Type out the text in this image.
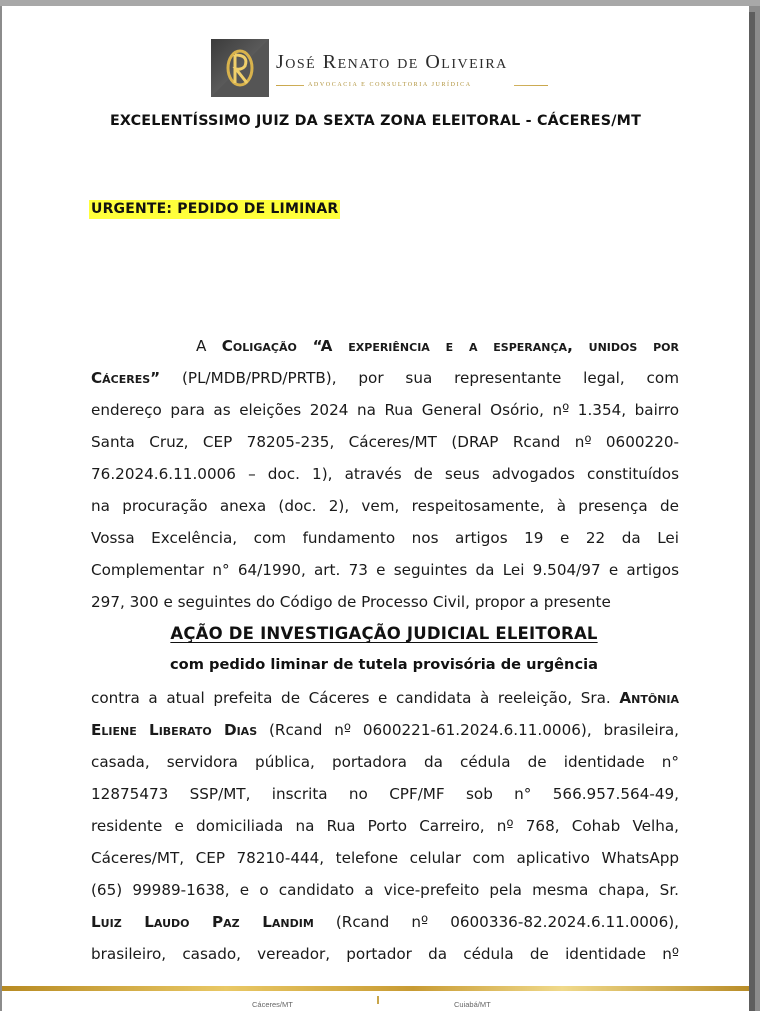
José Renato de Oliveira
ADVOCACIA E CONSULTORIA JURÍDICA
EXCELENTÍSSIMO JUIZ DA SEXTA ZONA ELEITORAL - CÁCERES/MT
URGENTE: PEDIDO DE LIMINAR
A Coligação “A experiência e a esperança, unidos por
Cáceres” (PL/MDB/PRD/PRTB), por sua representante legal, com
endereço para as eleições 2024 na Rua General Osório, nº 1.354, bairro
Santa Cruz, CEP 78205-235, Cáceres/MT (DRAP Rcand nº 0600220-
76.2024.6.11.0006 – doc. 1), através de seus advogados constituídos
na procuração anexa (doc. 2), vem, respeitosamente, à presença de
Vossa Excelência, com fundamento nos artigos 19 e 22 da Lei
Complementar n° 64/1990, art. 73 e seguintes da Lei 9.504/97 e artigos
297, 300 e seguintes do Código de Processo Civil, propor a presente
AÇÃO DE INVESTIGAÇÃO JUDICIAL ELEITORAL
com pedido liminar de tutela provisória de urgência
contra a atual prefeita de Cáceres e candidata à reeleição, Sra. Antônia
Eliene Liberato Dias (Rcand nº 0600221-61.2024.6.11.0006), brasileira,
casada, servidora pública, portadora da cédula de identidade n°
12875473 SSP/MT, inscrita no CPF/MF sob n° 566.957.564-49,
residente e domiciliada na Rua Porto Carreiro, nº 768, Cohab Velha,
Cáceres/MT, CEP 78210-444, telefone celular com aplicativo WhatsApp
(65) 99989-1638, e o candidato a vice-prefeito pela mesma chapa, Sr.
Luiz Laudo Paz Landim (Rcand nº 0600336-82.2024.6.11.0006),
brasileiro, casado, vereador, portador da cédula de identidade nº
Cáceres/MT	Cuiabá/MT
